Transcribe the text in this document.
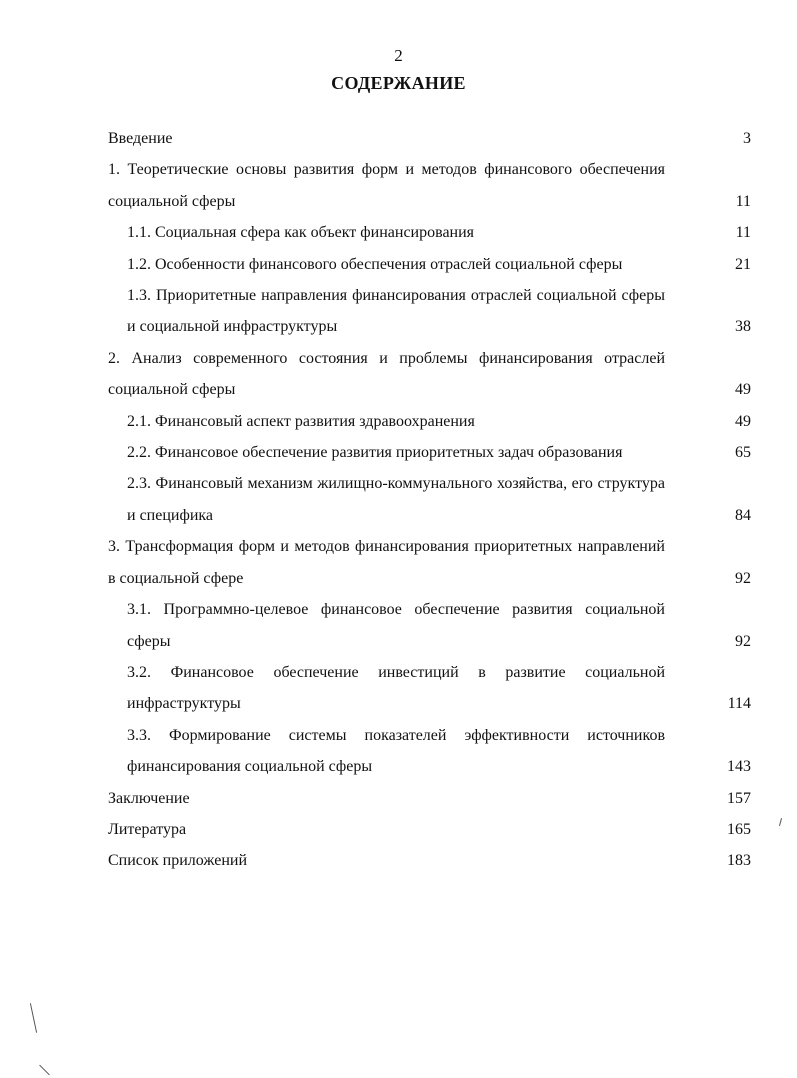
2
СОДЕРЖАНИЕ
Введение	3
1. Теоретические основы развития форм и методов финансового обеспечения социальной сферы	11
1.1. Социальная сфера как объект финансирования	11
1.2. Особенности финансового обеспечения отраслей социальной сферы	21
1.3. Приоритетные направления финансирования отраслей социальной сферы и социальной инфраструктуры	38
2. Анализ современного состояния и проблемы финансирования отраслей социальной сферы	49
2.1. Финансовый аспект развития здравоохранения	49
2.2. Финансовое обеспечение развития приоритетных задач образования	65
2.3. Финансовый механизм жилищно-коммунального хозяйства, его структура и специфика	84
3. Трансформация форм и методов финансирования приоритетных направлений в социальной сфере	92
3.1. Программно-целевое финансовое обеспечение развития социальной сферы	92
3.2. Финансовое обеспечение инвестиций в развитие социальной инфраструктуры	114
3.3. Формирование системы показателей эффективности источников финансирования социальной сферы	143
Заключение	157
Литература	165
Список приложений	183
